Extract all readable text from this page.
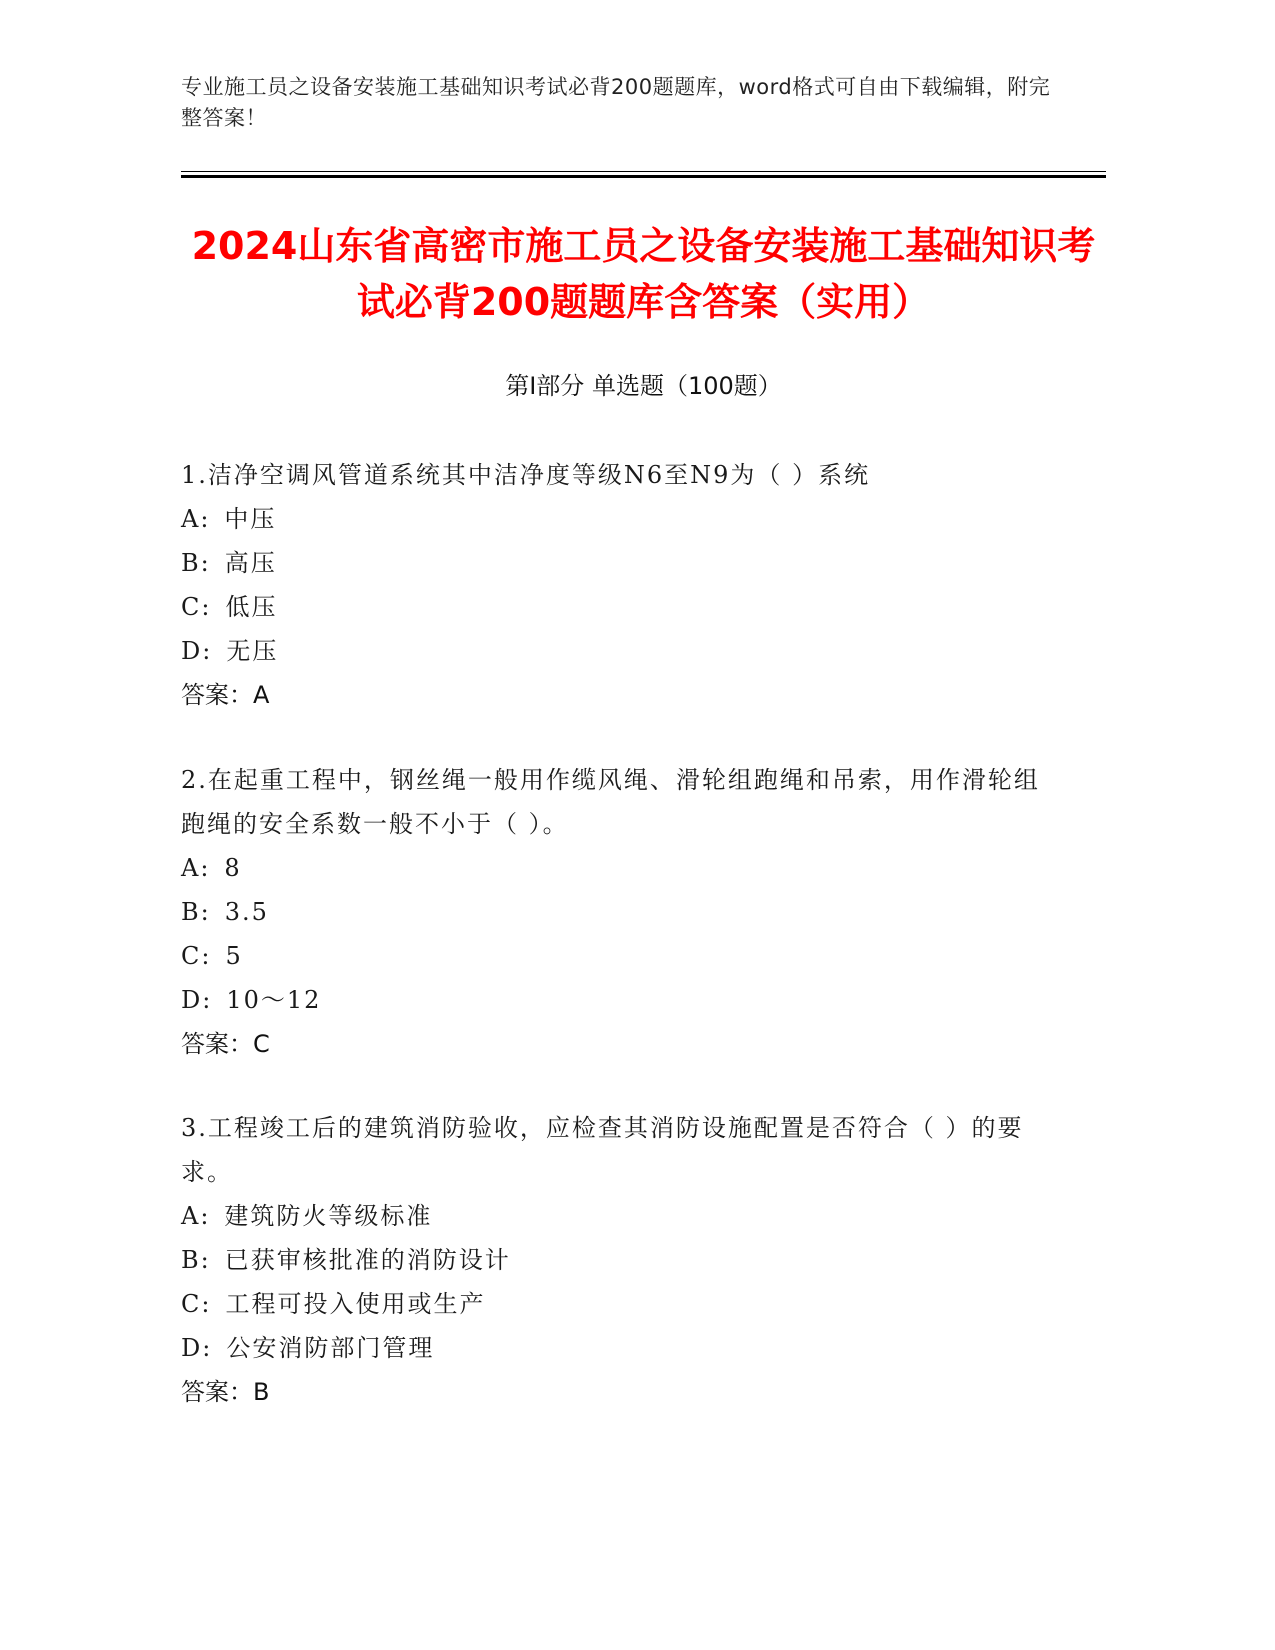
专业施工员之设备安装施工基础知识考试必背200题题库，word格式可自由下载编辑，附完整答案！
2024山东省高密市施工员之设备安装施工基础知识考试必背200题题库含答案（实用）
第Ⅰ部分 单选题（100题）
1.洁净空调风管道系统其中洁净度等级N6至N9为（ ）系统
A: 中压
B: 高压
C: 低压
D: 无压
答案：A
2.在起重工程中，钢丝绳一般用作缆风绳、滑轮组跑绳和吊索，用作滑轮组跑绳的安全系数一般不小于（ ）。
A: 8
B: 3.5
C: 5
D: 10～12
答案：C
3.工程竣工后的建筑消防验收，应检查其消防设施配置是否符合（ ）的要求。
A: 建筑防火等级标准
B: 已获审核批准的消防设计
C: 工程可投入使用或生产
D: 公安消防部门管理
答案：B
